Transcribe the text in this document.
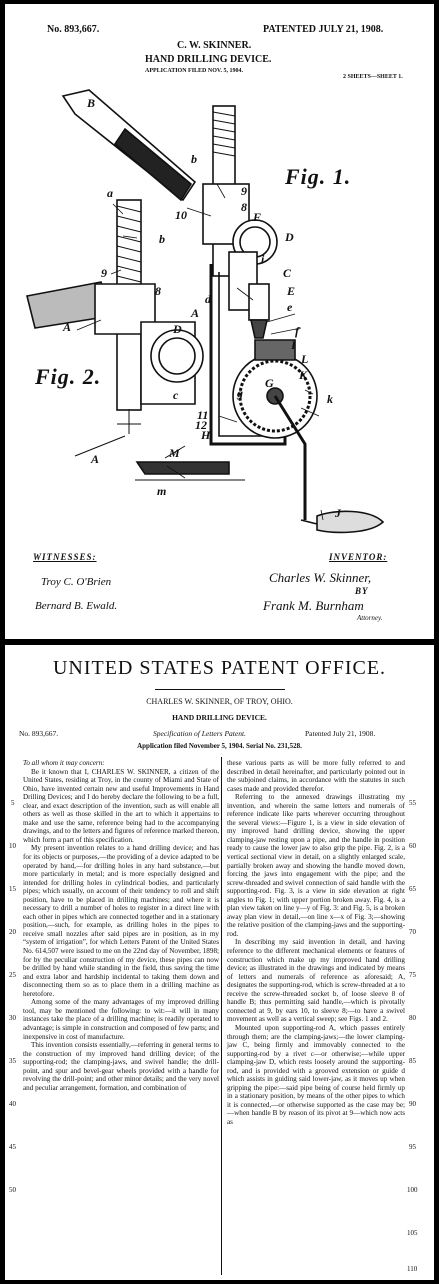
No. 893,667.	PATENTED JULY 21, 1908.
C. W. SKINNER.
HAND DRILLING DEVICE.
APPLICATION FILED NOV. 5, 1904.
2 SHEETS—SHEET 1.
Fig. 1.
Fig. 2.
B
a
b
b
9
9
8
8
10
A
A
A
D
D
c
C
F
E
e
f
I
L
K
k
H
M
m
J
G
g
11
12
d
i
WITNESSES:	INVENTOR:
Troy C. O'Brien
Bernard B. Ewald.
Charles W. Skinner,
BY
Frank M. Burnham
Attorney.
UNITED STATES PATENT OFFICE.
CHARLES W. SKINNER, OF TROY, OHIO.
HAND DRILLING DEVICE.
No. 893,667.	Specification of Letters Patent.	Patented July 21, 1908.
Application filed November 5, 1904. Serial No. 231,528.

To all whom it may concern:

Be it known that I, CHARLES W. SKINNER, a citizen of the United States, residing at Troy, in the county of Miami and State of Ohio, have invented certain new and useful Improvements in Hand Drilling Devices; and I do hereby declare the following to be a full, clear, and exact description of the invention, such as will enable all others as well as those skilled in the art to which it appertains to make and use the same, reference being had to the accompanying drawings, and to the letters and figures of reference marked thereon, which form a part of this specification.

My present invention relates to a hand drilling device; and has for its objects or purposes,—the providing of a device adapted to be operated by hand,—for drilling holes in any hard substance,—but more particularly in metal; and is more especially designed and intended for drilling holes in cylindrical bodies, and particularly pipes; which usually, on account of their tendency to roll and shift position, have to be placed in drilling machines; and where it is necessary to drill a number of holes to register in a direct line with each other in pipes which are connected together and in a stationary position,—such, for example, as drilling holes in the pipes to receive small nozzles after said pipes are in position, as in my “system of irrigation”, for which Letters Patent of the United States No. 614,507 were issued to me on the 22nd day of November, 1898; for by the peculiar construction of my device, these pipes can now be drilled by hand while standing in the field, thus saving the time and extra labor and hardship incidental to taking them down and disconnecting them so as to place them in a drilling machine as heretofore.

Among some of the many advantages of my improved drilling tool, may be mentioned the following: to wit:—it will in many instances take the place of a drilling machine; is readily operated to advantage; is simple in construction and composed of few parts; and inexpensive in cost of manufacture.

This invention consists essentially,—referring in general terms to the construction of my improved hand drilling device; of the supporting-rod; the clamping-jaws, and swivel handle; the drill-point, and spur and bevel-gear wheels provided with a handle for revolving the drill-point; and other minor details; and the very novel and peculiar arrangement, formation, and combination of

these various parts as will be more fully referred to and described in detail hereinafter, and particularly pointed out in the subjoined claims, in accordance with the statutes in such cases made and provided therefor.

Referring to the annexed drawings illustrating my invention, and wherein the same letters and numerals of reference indicate like parts wherever occurring throughout the several views:—Figure 1, is a view in side elevation of my improved hand drilling device, showing the upper clamping-jaw resting upon a pipe, and the handle in position ready to cause the lower jaw to also grip the pipe. Fig. 2, is a vertical sectional view in detail, on a slightly enlarged scale, partially broken away and showing the handle moved down, forcing the jaws into engagement with the pipe; and the screw-threaded and swivel connection of said handle with the supporting-rod. Fig. 3, is a view in side elevation at right angles to Fig. 1; with upper portion broken away. Fig. 4, is a plan view taken on line y—y of Fig. 3: and Fig. 5, is a broken away plan view in detail,—on line x—x of Fig. 3;—showing the relative position of the clamping-jaws and the supporting-rod.

In describing my said invention in detail, and having reference to the different mechanical elements or features of construction which make up my improved hand drilling device; as illustrated in the drawings and indicated by means of letters and numerals of reference as aforesaid; A, designates the supporting-rod, which is screw-threaded at a to receive the screw-threaded socket b, of loose sleeve 8 of handle B; thus permitting said handle,—which is pivotally connected at 9, by ears 10, to sleeve 8;—to have a swivel movement as well as a vertical sweep; see Figs. 1 and 2.

Mounted upon supporting-rod A, which passes entirely through them; are the clamping-jaws;—the lower clamping-jaw C, being firmly and immovably connected to the supporting-rod by a rivet c—or otherwise;—while upper clamping-jaw D, which rests loosely around the supporting-rod, and is provided with a grooved extension or guide d which assists in guiding said lower-jaw, as it moves up when gripping the pipe:—said pipe being of course held firmly up in a stationary position, by means of the other pipes to which it is connected,—or otherwise supported as the case may be;—when handle B by reason of its pivot at 9—which now acts as

5
10
15
20
25
30
35
40
45
50
55
60
65
70
75
80
85
90
95
100
105
110
